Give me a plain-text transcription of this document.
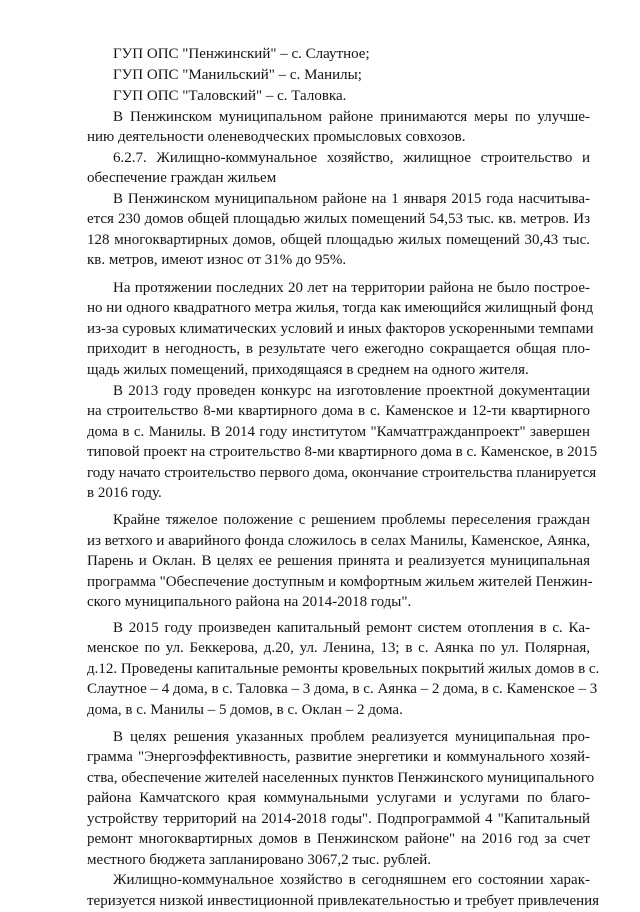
ГУП ОПС "Пенжинский" – с. Слаутное;
ГУП ОПС "Манильский" – с. Манилы;
ГУП ОПС "Таловский" – с. Таловка.
В Пенжинском муниципальном районе принимаются меры по улучше-
нию деятельности оленеводческих промысловых совхозов.
6.2.7. Жилищно-коммунальное хозяйство, жилищное строительство и
обеспечение граждан жильем
В Пенжинском муниципальном районе на 1 января 2015 года насчитыва-
ется 230 домов общей площадью жилых помещений 54,53 тыс. кв. метров. Из
128 многоквартирных домов, общей площадью жилых помещений 30,43 тыс.
кв. метров, имеют износ от 31% до 95%.
На протяжении последних 20 лет на территории района не было построе-
но ни одного квадратного метра жилья, тогда как имеющийся жилищный фонд
из-за суровых климатических условий и иных факторов ускоренными темпами
приходит в негодность, в результате чего ежегодно сокращается общая пло-
щадь жилых помещений, приходящаяся в среднем на одного жителя.
В 2013 году проведен конкурс на изготовление проектной документации
на строительство 8-ми квартирного дома в с. Каменское и 12-ти квартирного
дома в с. Манилы. В 2014 году институтом "Камчатгражданпроект" завершен
типовой проект на строительство 8-ми квартирного дома в с. Каменское, в 2015
году начато строительство первого дома, окончание строительства планируется
в 2016 году.
Крайне тяжелое положение с решением проблемы переселения граждан
из ветхого и аварийного фонда сложилось в селах Манилы, Каменское, Аянка,
Парень и Оклан. В целях ее решения принята и реализуется муниципальная
программа "Обеспечение доступным и комфортным жильем жителей Пенжин-
ского муниципального района на 2014-2018 годы".
В 2015 году произведен капитальный ремонт систем отопления в с. Ка-
менское по ул. Беккерова, д.20, ул. Ленина, 13; в с. Аянка по ул. Полярная,
д.12. Проведены капитальные ремонты кровельных покрытий жилых домов в с.
Слаутное – 4 дома, в с. Таловка – 3 дома, в с. Аянка – 2 дома, в с. Каменское – 3
дома, в с. Манилы – 5 домов, в с. Оклан – 2 дома.
В целях решения указанных проблем реализуется муниципальная про-
грамма "Энергоэффективность, развитие энергетики и коммунального хозяй-
ства, обеспечение жителей населенных пунктов Пенжинского муниципального
района Камчатского края коммунальными услугами и услугами по благо-
устройству территорий на 2014-2018 годы". Подпрограммой 4 "Капитальный
ремонт многоквартирных домов в Пенжинском районе" на 2016 год за счет
местного бюджета запланировано 3067,2 тыс. рублей.
Жилищно-коммунальное хозяйство в сегодняшнем его состоянии харак-
теризуется низкой инвестиционной привлекательностью и требует привлечения
